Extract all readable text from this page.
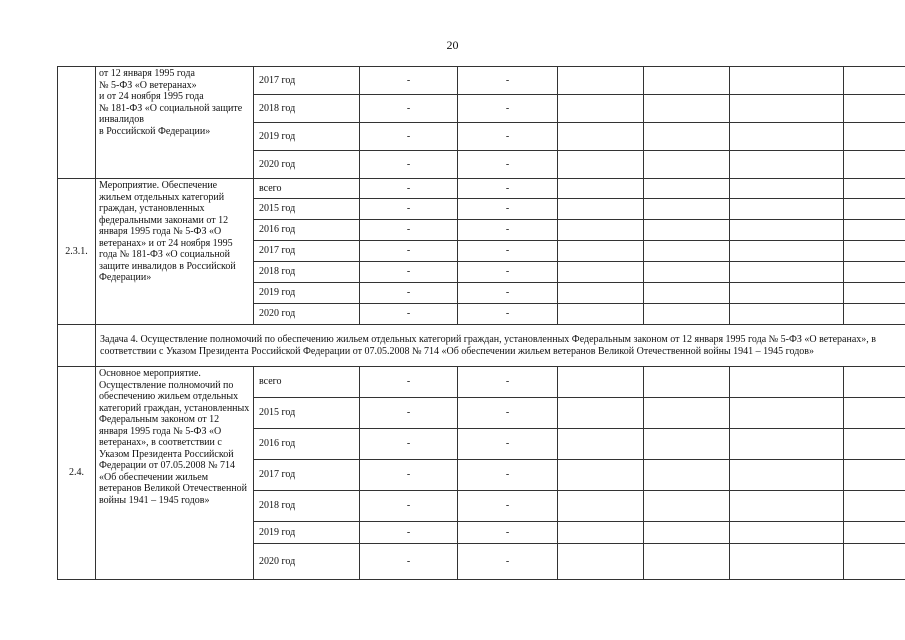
20
	от 12 января 1995 года
№ 5-ФЗ «О ветеранах»
и от 24 ноября 1995 года
№ 181-ФЗ «О социальной защите инвалидов
в Российской Федерации»	2017 год	-	-				
		2018 год	-	-				
		2019 год	-	-				
		2020 год	-	-				
2.3.1.	Мероприятие. Обеспечение жильем отдельных категорий граждан, установленных федеральными законами от 12 января 1995 года № 5-ФЗ «О ветеранах» и от 24 ноября 1995 года № 181-ФЗ «О социальной защите инвалидов в Российской Федерации»	всего	-	-				
		2015 год	-	-				
		2016 год	-	-				
		2017 год	-	-				
		2018 год	-	-				
		2019 год	-	-				
		2020 год	-	-				
	Задача 4. Осуществление полномочий по обеспечению жильем отдельных категорий граждан, установленных Федеральным законом от 12 января 1995 года № 5-ФЗ «О ветеранах», в соответствии с Указом Президента Российской Федерации от 07.05.2008 № 714 «Об обеспечении жильем ветеранов Великой Отечественной войны 1941 – 1945 годов»							
2.4.	Основное мероприятие. Осуществление полномочий по обеспечению жильем отдельных категорий граждан, установленных Федеральным законом от 12 января 1995 года № 5-ФЗ «О ветеранах», в соответствии с Указом Президента Российской Федерации от 07.05.2008 № 714 «Об обеспечении жильем ветеранов Великой Отечественной войны 1941 – 1945 годов»	всего	-	-				
		2015 год	-	-				
		2016 год	-	-				
		2017 год	-	-				
		2018 год	-	-				
		2019 год	-	-				
		2020 год	-	-				
